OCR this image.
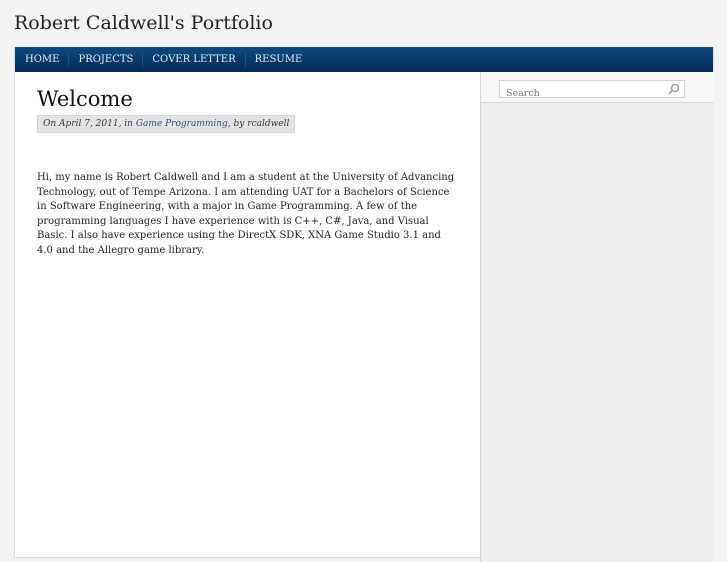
Robert Caldwell's Portfolio
HOME	PROJECTS	COVER LETTER	RESUME
Welcome
On April 7, 2011, in Game Programming, by rcaldwell
Hi, my name is Robert Caldwell and I am a student at the University of Advancing Technology, out of Tempe Arizona. I am attending UAT for a Bachelors of Science in Software Engineering, with a major in Game Programming. A few of the programming languages I have experience with is C++, C#, Java, and Visual Basic. I also have experience using the DirectX SDK, XNA Game Studio 3.1 and 4.0 and the Allegro game library.
Search
